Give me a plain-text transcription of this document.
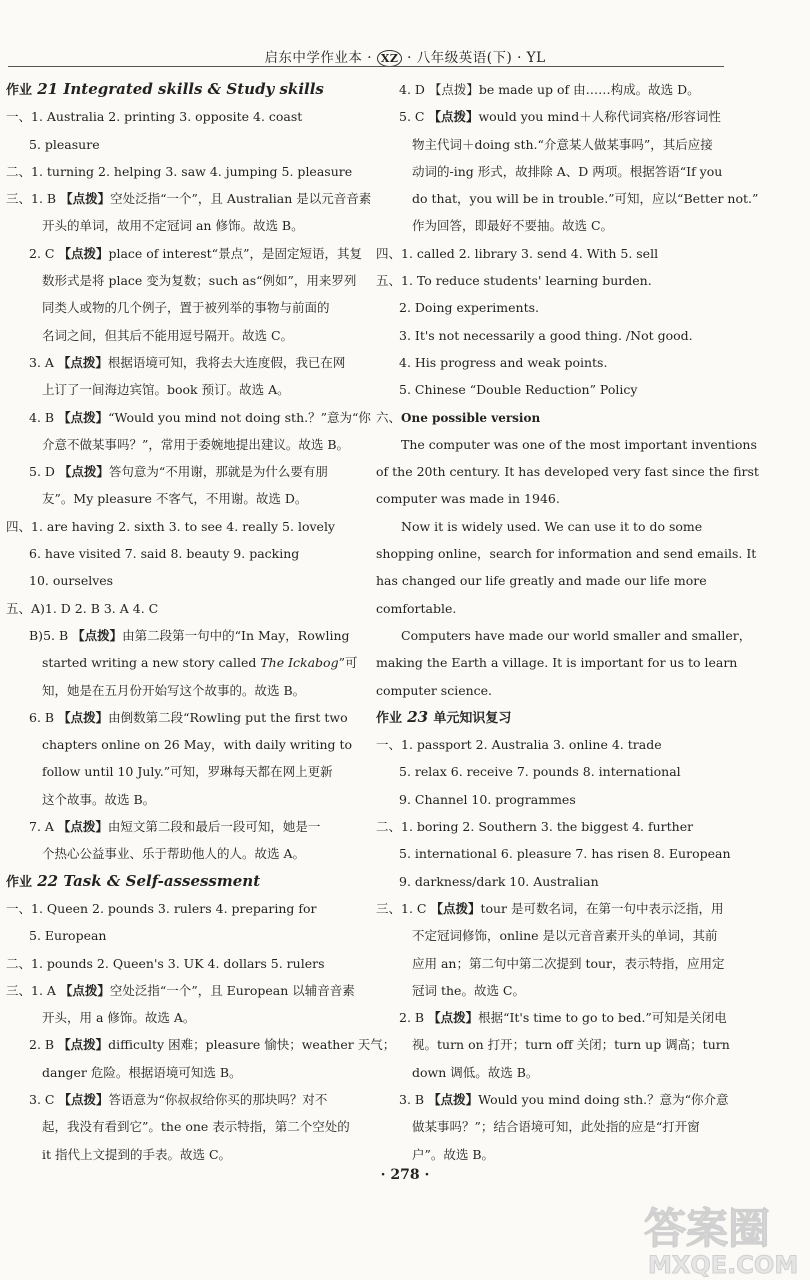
启东中学作业本 · XZ · 八年级英语(下) · YL
作业 21 Integrated skills & Study skills
一、1. Australia 2. printing 3. opposite 4. coast
5. pleasure
二、1. turning 2. helping 3. saw 4. jumping 5. pleasure
三、1. B 【点拨】空处泛指“一个”，且 Australian 是以元音音素
开头的单词，故用不定冠词 an 修饰。故选 B。
2. C 【点拨】place of interest“景点”，是固定短语，其复
数形式是将 place 变为复数；such as“例如”，用来罗列
同类人或物的几个例子，置于被列举的事物与前面的
名词之间，但其后不能用逗号隔开。故选 C。
3. A 【点拨】根据语境可知，我将去大连度假，我已在网
上订了一间海边宾馆。book 预订。故选 A。
4. B 【点拨】“Would you mind not doing sth.？”意为“你
介意不做某事吗？”，常用于委婉地提出建议。故选 B。
5. D 【点拨】答句意为“不用谢，那就是为什么要有朋
友”。My pleasure 不客气，不用谢。故选 D。
四、1. are having 2. sixth 3. to see 4. really 5. lovely
6. have visited 7. said 8. beauty 9. packing
10. ourselves
五、A)1. D 2. B 3. A 4. C
B)5. B 【点拨】由第二段第一句中的“In May，Rowling
started writing a new story called The Ickabog”可
知，她是在五月份开始写这个故事的。故选 B。
6. B 【点拨】由倒数第二段“Rowling put the first two
chapters online on 26 May，with daily writing to
follow until 10 July.”可知，罗琳每天都在网上更新
这个故事。故选 B。
7. A 【点拨】由短文第二段和最后一段可知，她是一
个热心公益事业、乐于帮助他人的人。故选 A。
作业 22 Task & Self-assessment
一、1. Queen 2. pounds 3. rulers 4. preparing for
5. European
二、1. pounds 2. Queen's 3. UK 4. dollars 5. rulers
三、1. A 【点拨】空处泛指“一个”，且 European 以辅音音素
开头，用 a 修饰。故选 A。
2. B 【点拨】difficulty 困难；pleasure 愉快；weather 天气；
danger 危险。根据语境可知选 B。
3. C 【点拨】答语意为“你叔叔给你买的那块吗？对不
起，我没有看到它”。the one 表示特指，第二个空处的
it 指代上文提到的手表。故选 C。
4. D 【点拨】be made up of 由……构成。故选 D。
5. C 【点拨】would you mind＋人称代词宾格/形容词性
物主代词＋doing sth.“介意某人做某事吗”，其后应接
动词的-ing 形式，故排除 A、D 两项。根据答语“If you
do that，you will be in trouble.”可知，应以“Better not.”
作为回答，即最好不要抽。故选 C。
四、1. called 2. library 3. send 4. With 5. sell
五、1. To reduce students' learning burden.
2. Doing experiments.
3. It's not necessarily a good thing. /Not good.
4. His progress and weak points.
5. Chinese “Double Reduction” Policy
六、One possible version
The computer was one of the most important inventions
of the 20th century. It has developed very fast since the first
computer was made in 1946.
Now it is widely used. We can use it to do some
shopping online，search for information and send emails. It
has changed our life greatly and made our life more
comfortable.
Computers have made our world smaller and smaller，
making the Earth a village. It is important for us to learn
computer science.
作业 23 单元知识复习
一、1. passport 2. Australia 3. online 4. trade
5. relax 6. receive 7. pounds 8. international
9. Channel 10. programmes
二、1. boring 2. Southern 3. the biggest 4. further
5. international 6. pleasure 7. has risen 8. European
9. darkness/dark 10. Australian
三、1. C 【点拨】tour 是可数名词，在第一句中表示泛指，用
不定冠词修饰，online 是以元音音素开头的单词，其前
应用 an；第二句中第二次提到 tour，表示特指，应用定
冠词 the。故选 C。
2. B 【点拨】根据“It's time to go to bed.”可知是关闭电
视。turn on 打开；turn off 关闭；turn up 调高；turn
down 调低。故选 B。
3. B 【点拨】Would you mind doing sth.？意为“你介意
做某事吗？”；结合语境可知，此处指的应是“打开窗
户”。故选 B。
· 278 ·
答案圈
MXQE.COM
